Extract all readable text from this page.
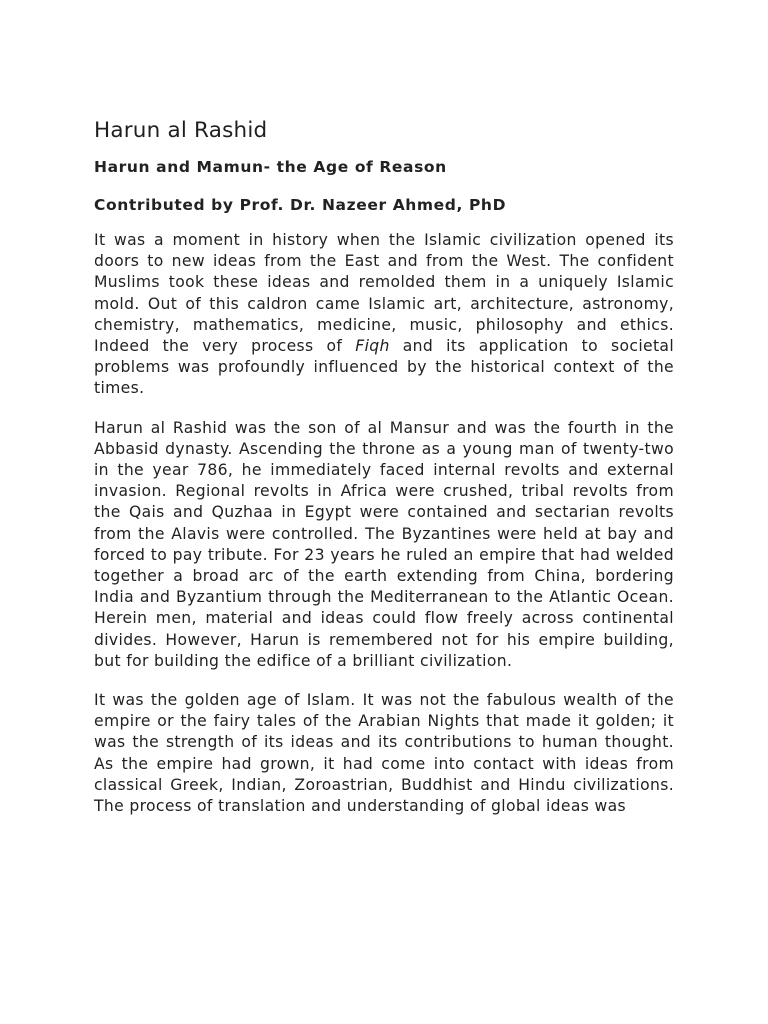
Harun al Rashid
Harun and Mamun- the Age of Reason
Contributed by Prof. Dr. Nazeer Ahmed, PhD

It was a moment in history when the Islamic civilization opened its doors to new ideas from the East and from the West. The confident Muslims took these ideas and remolded them in a uniquely Islamic mold. Out of this caldron came Islamic art, architecture, astronomy, chemistry, mathematics, medicine, music, philosophy and ethics. Indeed the very process of Fiqh and its application to societal problems was profoundly influenced by the historical context of the times.

Harun al Rashid was the son of al Mansur and was the fourth in the Abbasid dynasty. Ascending the throne as a young man of twenty-two in the year 786, he immediately faced internal revolts and external invasion. Regional revolts in Africa were crushed, tribal revolts from the Qais and Quzhaa in Egypt were contained and sectarian revolts from the Alavis were controlled. The Byzantines were held at bay and forced to pay tribute. For 23 years he ruled an empire that had welded together a broad arc of the earth extending from China, bordering India and Byzantium through the Mediterranean to the Atlantic Ocean. Herein men, material and ideas could flow freely across continental divides. However, Harun is remembered not for his empire building, but for building the edifice of a brilliant civilization.

It was the golden age of Islam. It was not the fabulous wealth of the empire or the fairy tales of the Arabian Nights that made it golden; it was the strength of its ideas and its contributions to human thought. As the empire had grown, it had come into contact with ideas from classical Greek, Indian, Zoroastrian, Buddhist and Hindu civilizations. The process of translation and understanding of global ideas was
